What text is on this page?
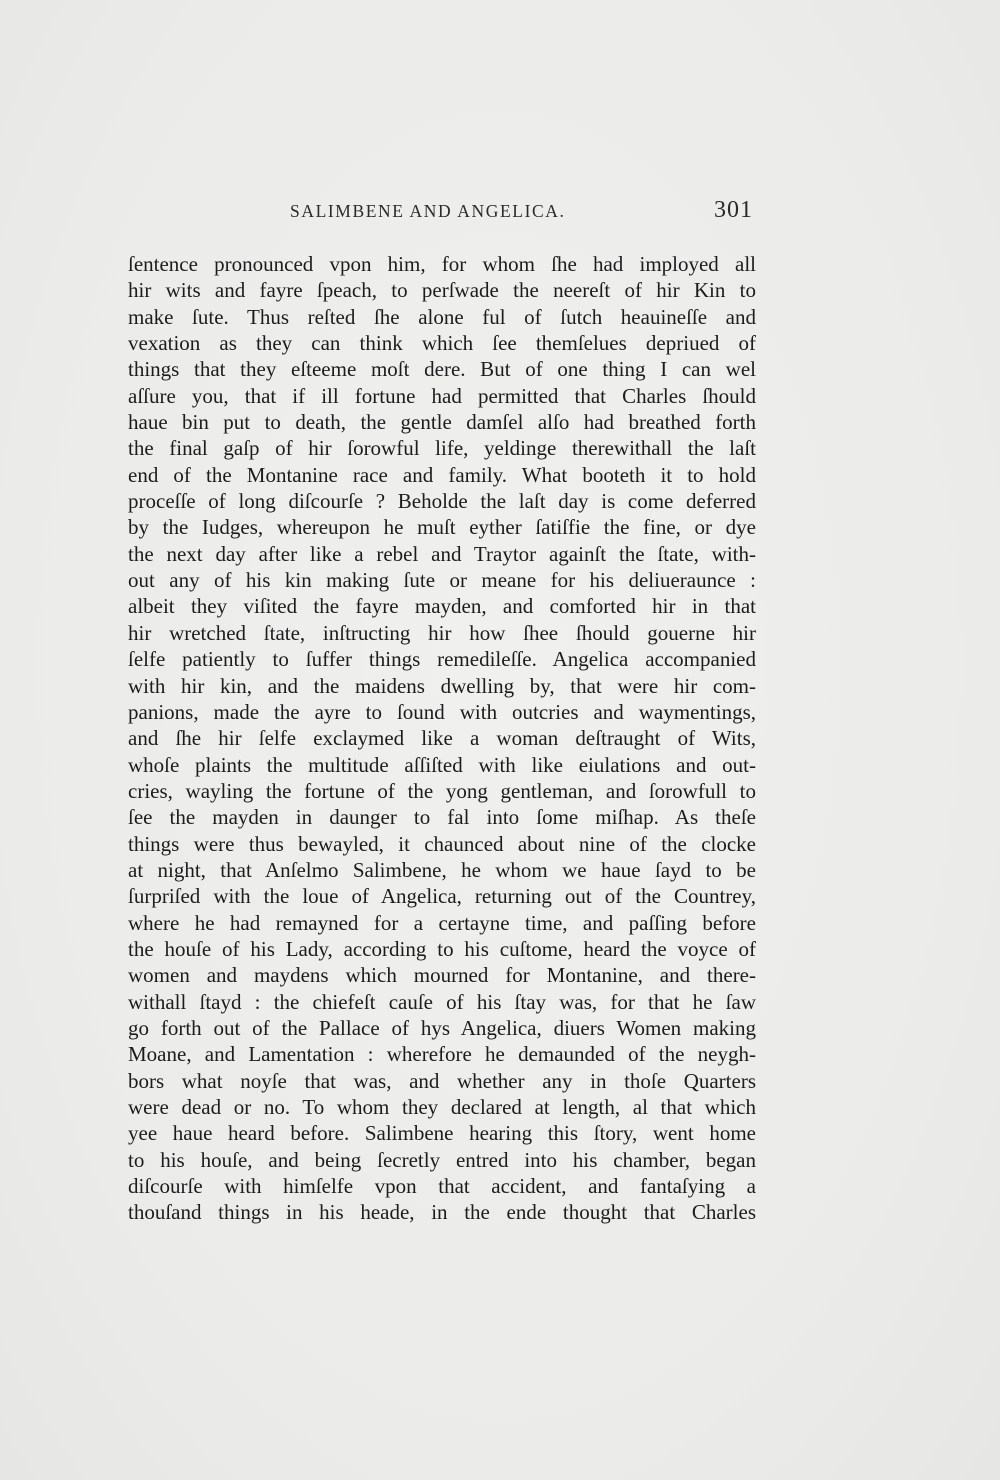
SALIMBENE AND ANGELICA.	301
ſentence pronounced vpon him, for whom ſhe had imployed all
hir wits and fayre ſpeach, to perſwade the neereſt of hir Kin to
make ſute. Thus reſted ſhe alone ful of ſutch heauineſſe and
vexation as they can think which ſee themſelues depriued of
things that they eſteeme moſt dere. But of one thing I can wel
aſſure you, that if ill fortune had permitted that Charles ſhould
haue bin put to death, the gentle damſel alſo had breathed forth
the final gaſp of hir ſorowful life, yeldinge therewithall the laſt
end of the Montanine race and family. What booteth it to hold
proceſſe of long diſcourſe ? Beholde the laſt day is come deferred
by the Iudges, whereupon he muſt eyther ſatiſfie the fine, or dye
the next day after like a rebel and Traytor againſt the ſtate, with-
out any of his kin making ſute or meane for his deliueraunce :
albeit they viſited the fayre mayden, and comforted hir in that
hir wretched ſtate, inſtructing hir how ſhee ſhould gouerne hir
ſelfe patiently to ſuffer things remedileſſe. Angelica accompanied
with hir kin, and the maidens dwelling by, that were hir com-
panions, made the ayre to ſound with outcries and waymentings,
and ſhe hir ſelfe exclaymed like a woman deſtraught of Wits,
whoſe plaints the multitude aſſiſted with like eiulations and out-
cries, wayling the fortune of the yong gentleman, and ſorowfull to
ſee the mayden in daunger to fal into ſome miſhap. As theſe
things were thus bewayled, it chaunced about nine of the clocke
at night, that Anſelmo Salimbene, he whom we haue ſayd to be
ſurpriſed with the loue of Angelica, returning out of the Countrey,
where he had remayned for a certayne time, and paſſing before
the houſe of his Lady, according to his cuſtome, heard the voyce of
women and maydens which mourned for Montanine, and there-
withall ſtayd : the chiefeſt cauſe of his ſtay was, for that he ſaw
go forth out of the Pallace of hys Angelica, diuers Women making
Moane, and Lamentation : wherefore he demaunded of the neygh-
bors what noyſe that was, and whether any in thoſe Quarters
were dead or no. To whom they declared at length, al that which
yee haue heard before. Salimbene hearing this ſtory, went home
to his houſe, and being ſecretly entred into his chamber, began
diſcourſe with himſelfe vpon that accident, and fantaſying a
thouſand things in his heade, in the ende thought that Charles
